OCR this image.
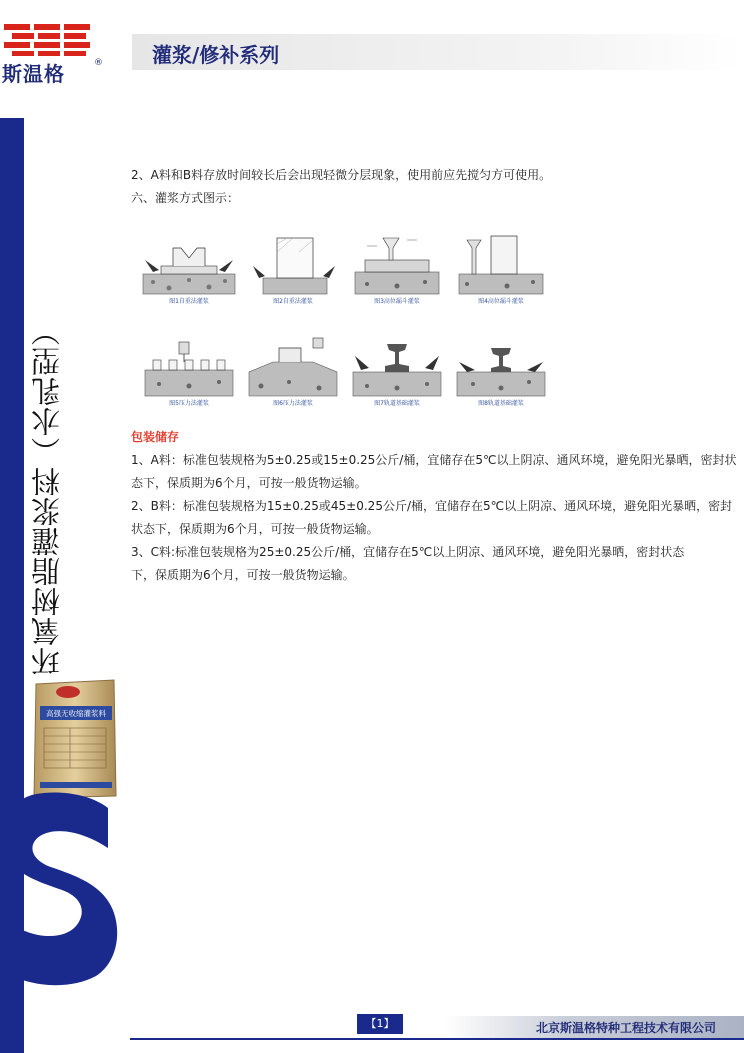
斯温格	® 灌浆/修补系列
环氧树脂灌浆料（水乳型）
高强无收缩灌浆料

2、A料和B料存放时间较长后会出现轻微分层现象，使用前应先搅匀方可使用。

六、灌浆方式图示：

图1自重法灌浆	图2自重法灌浆	图3高位漏斗灌浆	图4高位漏斗灌浆
图5压力法灌浆	图6压力法灌浆	图7轨道基础灌浆	图8轨道基础灌浆
包装储存

1、A料：标准包装规格为5±0.25或15±0.25公斤/桶，宜储存在5℃以上阴凉、通风环境，避免阳光暴晒，密封状

态下，保质期为6个月，可按一般货物运输。

2、B料：标准包装规格为15±0.25或45±0.25公斤/桶，宜储存在5℃以上阴凉、通风环境，避免阳光暴晒，密封

状态下，保质期为6个月，可按一般货物运输。

3、C料:标准包装规格为25±0.25公斤/桶，宜储存在5℃以上阴凉、通风环境，避免阳光暴晒，密封状态

下，保质期为6个月，可按一般货物运输。

【1】	北京斯温格特种工程技术有限公司
